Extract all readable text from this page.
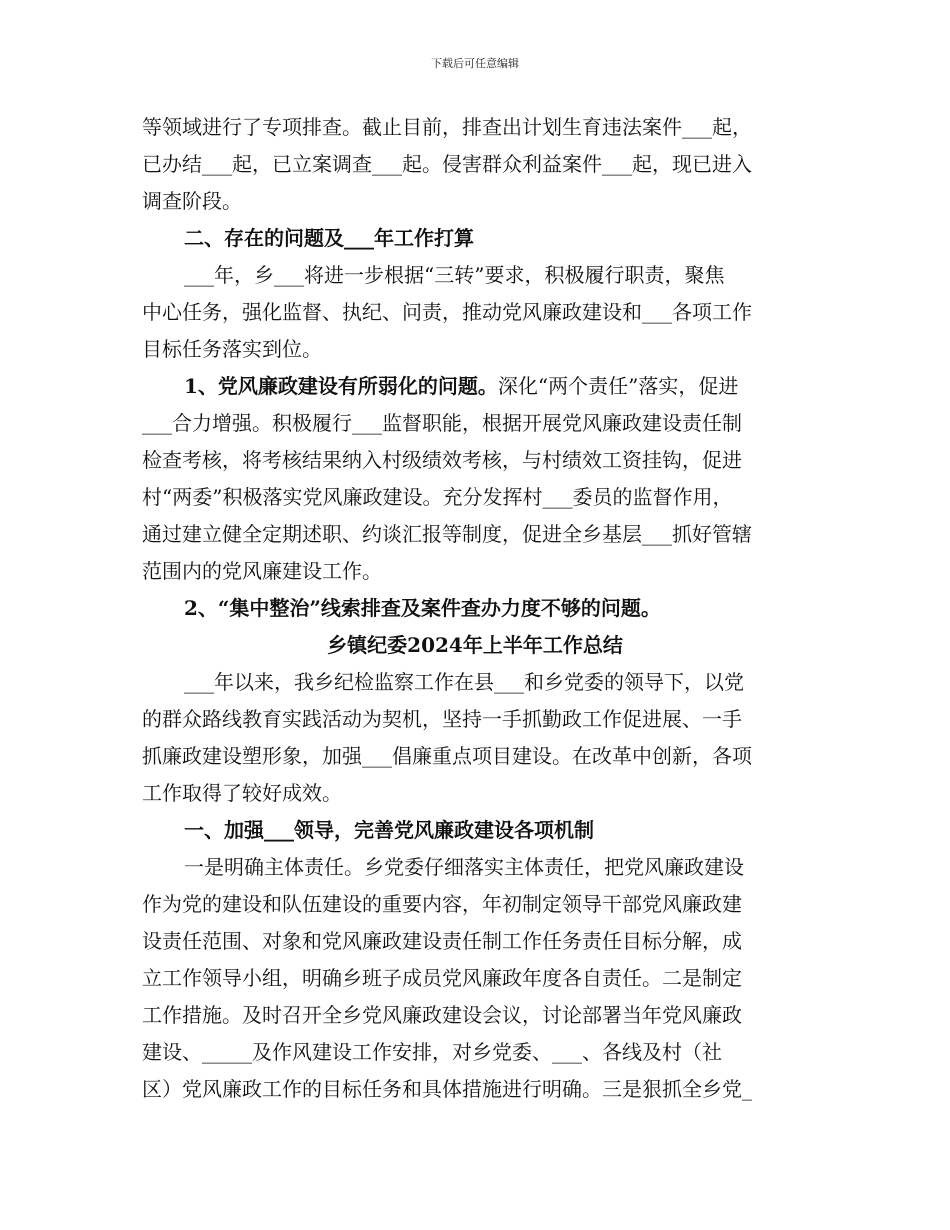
下载后可任意编辑
等领域进行了专项排查。截止目前，排查出计划生育违法案件___起，
已办结___起，已立案调查___起。侵害群众利益案件___起，现已进入
调查阶段。
二、存在的问题及___年工作打算
___年，乡___将进一步根据“三转”要求，积极履行职责，聚焦
中心任务，强化监督、执纪、问责，推动党风廉政建设和___各项工作
目标任务落实到位。
1、党风廉政建设有所弱化的问题。深化“两个责任”落实，促进
___合力增强。积极履行___监督职能，根据开展党风廉政建设责任制
检查考核，将考核结果纳入村级绩效考核，与村绩效工资挂钩，促进
村“两委”积极落实党风廉政建设。充分发挥村___委员的监督作用，
通过建立健全定期述职、约谈汇报等制度，促进全乡基层___抓好管辖
范围内的党风廉建设工作。
2、“集中整治”线索排查及案件查办力度不够的问题。
乡镇纪委2024年上半年工作总结
___年以来，我乡纪检监察工作在县___和乡党委的领导下，以党
的群众路线教育实践活动为契机，坚持一手抓勤政工作促进展、一手
抓廉政建设塑形象，加强___倡廉重点项目建设。在改革中创新，各项
工作取得了较好成效。
一、加强___领导，完善党风廉政建设各项机制
一是明确主体责任。乡党委仔细落实主体责任，把党风廉政建设
作为党的建设和队伍建设的重要内容，年初制定领导干部党风廉政建
设责任范围、对象和党风廉政建设责任制工作任务责任目标分解，成
立工作领导小组，明确乡班子成员党风廉政年度各自责任。二是制定
工作措施。及时召开全乡党风廉政建设会议，讨论部署当年党风廉政
建设、_____及作风建设工作安排，对乡党委、___、各线及村（社
区）党风廉政工作的目标任务和具体措施进行明确。三是狠抓全乡党_
